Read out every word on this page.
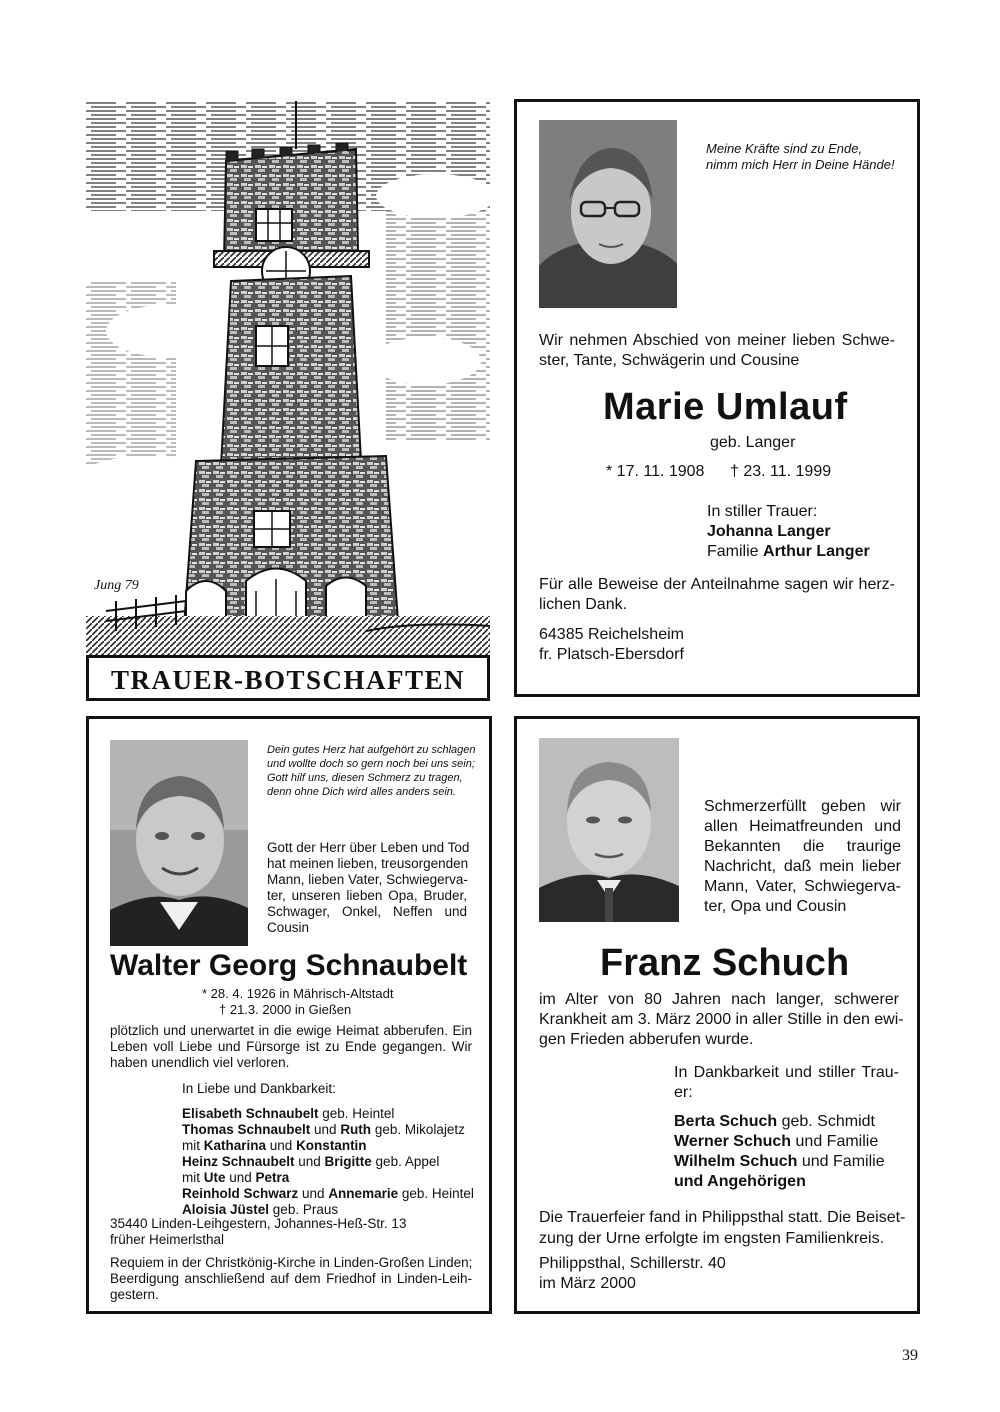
Jung 79
TRAUER-BOTSCHAFTEN
Meine Kräfte sind zu Ende,
nimm mich Herr in Deine Hände!
Wir nehmen Abschied von meiner lieben Schwe-
ster, Tante, Schwägerin und Cousine
Marie Umlauf
geb. Langer
* 17. 11. 1908 † 23. 11. 1999
In stiller Trauer:
Johanna Langer
Familie Arthur Langer
Für alle Beweise der Anteilnahme sagen wir herz-
lichen Dank.
64385 Reichelsheim
fr. Platsch-Ebersdorf
Dein gutes Herz hat aufgehört zu schlagen
und wollte doch so gern noch bei uns sein;
Gott hilf uns, diesen Schmerz zu tragen,
denn ohne Dich wird alles anders sein.
Gott der Herr über Leben und Tod
hat meinen lieben, treusorgenden
Mann, lieben Vater, Schwiegerva-
ter, unseren lieben Opa, Bruder,
Schwager, Onkel, Neffen und
Cousin
Walter Georg Schnaubelt
* 28. 4. 1926 in Mährisch-Altstadt
† 21.3. 2000 in Gießen
plötzlich und unerwartet in die ewige Heimat abberufen. Ein
Leben voll Liebe und Fürsorge ist zu Ende gegangen. Wir
haben unendlich viel verloren.
In Liebe und Dankbarkeit:
Elisabeth Schnaubelt geb. Heintel
Thomas Schnaubelt und Ruth geb. Mikolajetz
mit Katharina und Konstantin
Heinz Schnaubelt und Brigitte geb. Appel
mit Ute und Petra
Reinhold Schwarz und Annemarie geb. Heintel
Aloisia Jüstel geb. Praus
35440 Linden-Leihgestern, Johannes-Heß-Str. 13
früher Heimerlsthal
Requiem in der Christkönig-Kirche in Linden-Großen Linden;
Beerdigung anschließend auf dem Friedhof in Linden-Leih-
gestern.
Schmerzerfüllt geben wir
allen Heimatfreunden und
Bekannten die traurige
Nachricht, daß mein lieber
Mann, Vater, Schwiegerva-
ter, Opa und Cousin
Franz Schuch
im Alter von 80 Jahren nach langer, schwerer
Krankheit am 3. März 2000 in aller Stille in den ewi-
gen Frieden abberufen wurde.
In Dankbarkeit und stiller Trau-
er:
Berta Schuch geb. Schmidt
Werner Schuch und Familie
Wilhelm Schuch und Familie
und Angehörigen
Die Trauerfeier fand in Philippsthal statt. Die Beiset-
zung der Urne erfolgte im engsten Familienkreis.
Philippsthal, Schillerstr. 40
im März 2000
39
